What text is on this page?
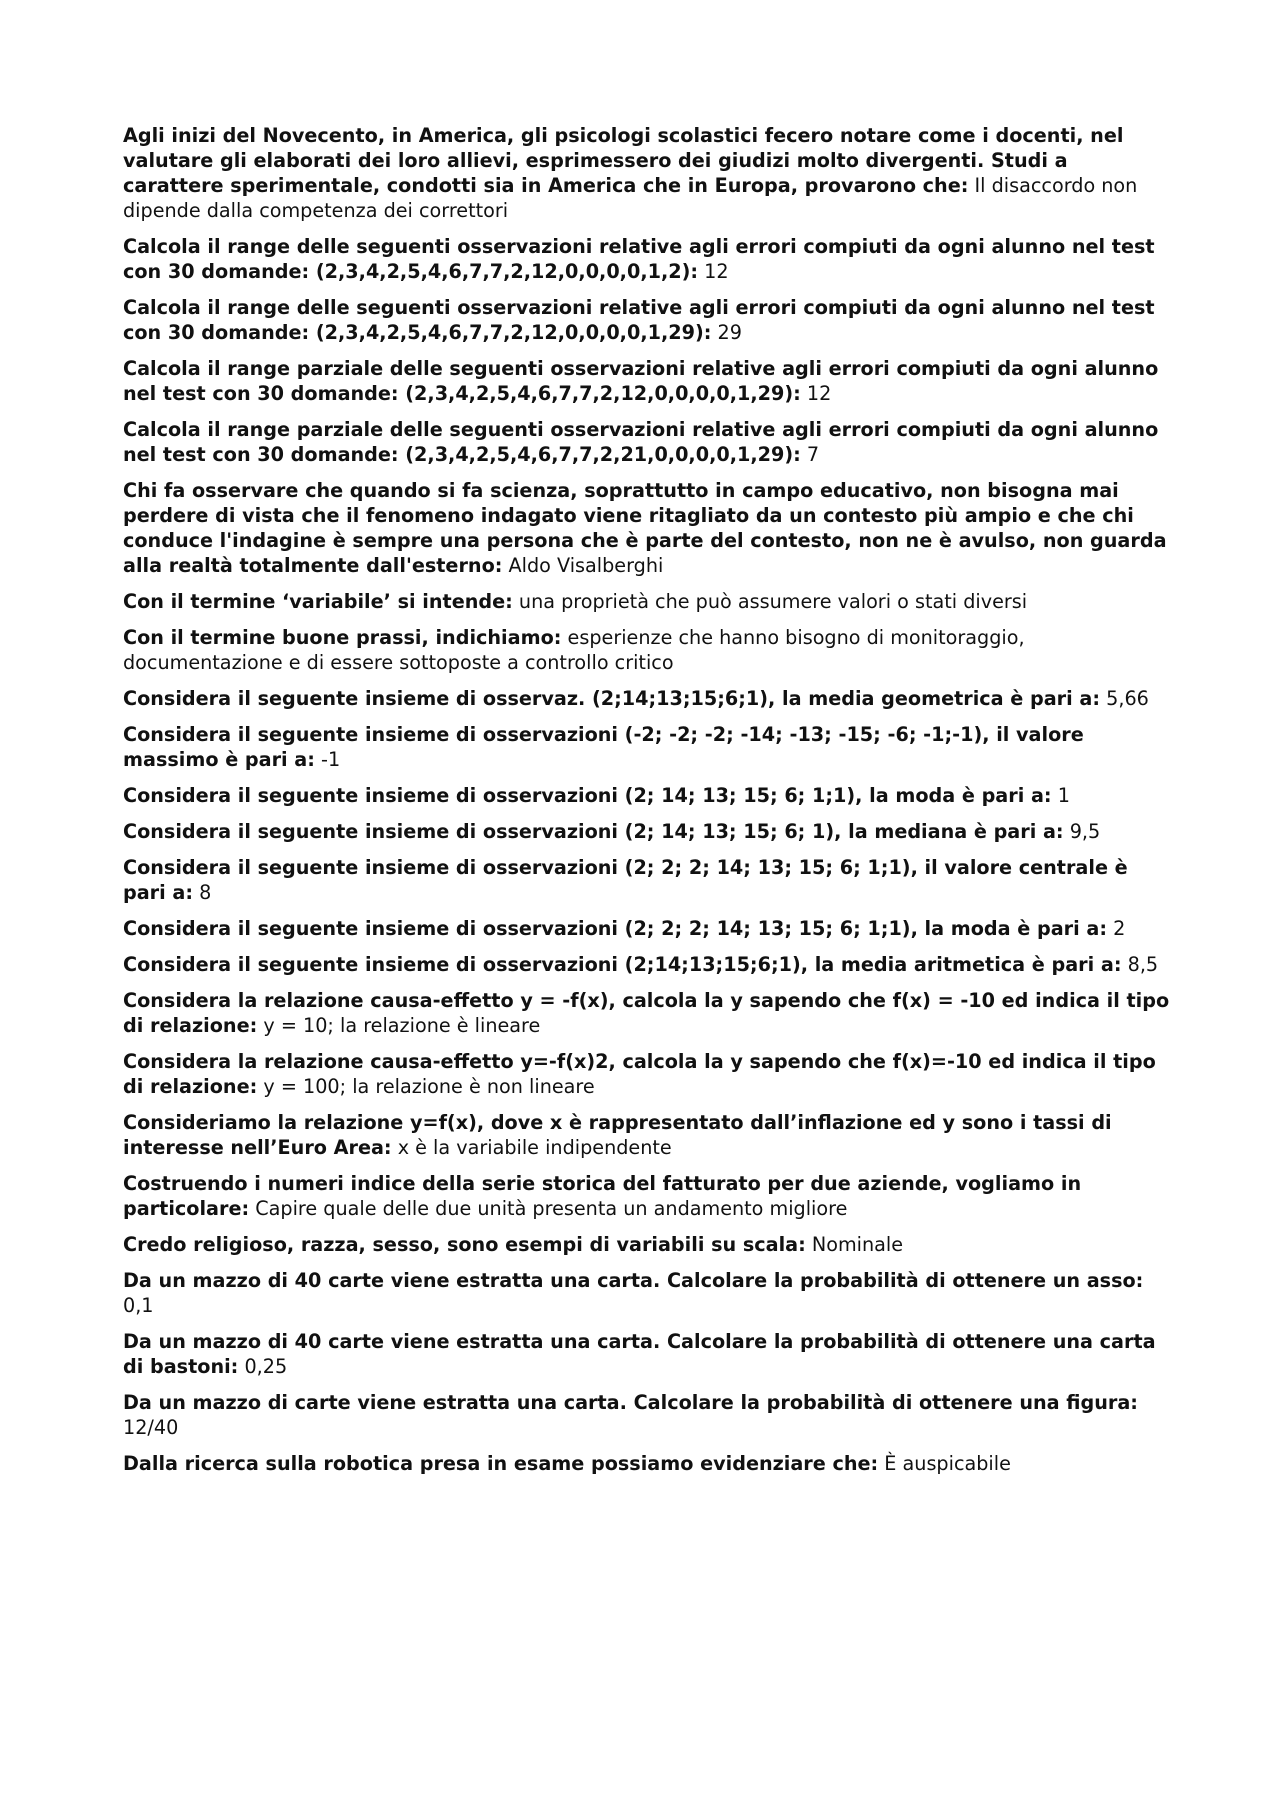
Agli inizi del Novecento, in America, gli psicologi scolastici fecero notare come i docenti, nel valutare gli elaborati dei loro allievi, esprimessero dei giudizi molto divergenti. Studi a carattere sperimentale, condotti sia in America che in Europa, provarono che: Il disaccordo non dipende dalla competenza dei correttori

Calcola il range delle seguenti osservazioni relative agli errori compiuti da ogni alunno nel test con 30 domande: (2,3,4,2,5,4,6,7,7,2,12,0,0,0,0,1,2): 12

Calcola il range delle seguenti osservazioni relative agli errori compiuti da ogni alunno nel test con 30 domande: (2,3,4,2,5,4,6,7,7,2,12,0,0,0,0,1,29): 29

Calcola il range parziale delle seguenti osservazioni relative agli errori compiuti da ogni alunno nel test con 30 domande: (2,3,4,2,5,4,6,7,7,2,12,0,0,0,0,1,29): 12

Calcola il range parziale delle seguenti osservazioni relative agli errori compiuti da ogni alunno nel test con 30 domande: (2,3,4,2,5,4,6,7,7,2,21,0,0,0,0,1,29): 7

Chi fa osservare che quando si fa scienza, soprattutto in campo educativo, non bisogna mai perdere di vista che il fenomeno indagato viene ritagliato da un contesto più ampio e che chi conduce l'indagine è sempre una persona che è parte del contesto, non ne è avulso, non guarda alla realtà totalmente dall'esterno: Aldo Visalberghi

Con il termine ‘variabile’ si intende: una proprietà che può assumere valori o stati diversi

Con il termine buone prassi, indichiamo: esperienze che hanno bisogno di monitoraggio, documentazione e di essere sottoposte a controllo critico

Considera il seguente insieme di osservaz. (2;14;13;15;6;1), la media geometrica è pari a: 5,66

Considera il seguente insieme di osservazioni (-2; -2; -2; -14; -13; -15; -6; -1;-1), il valore massimo è pari a: -1

Considera il seguente insieme di osservazioni (2; 14; 13; 15; 6; 1;1), la moda è pari a: 1

Considera il seguente insieme di osservazioni (2; 14; 13; 15; 6; 1), la mediana è pari a: 9,5

Considera il seguente insieme di osservazioni (2; 2; 2; 14; 13; 15; 6; 1;1), il valore centrale è pari a: 8

Considera il seguente insieme di osservazioni (2; 2; 2; 14; 13; 15; 6; 1;1), la moda è pari a: 2

Considera il seguente insieme di osservazioni (2;14;13;15;6;1), la media aritmetica è pari a: 8,5

Considera la relazione causa-effetto y = -f(x), calcola la y sapendo che f(x) = -10 ed indica il tipo di relazione: y = 10; la relazione è lineare

Considera la relazione causa-effetto y=-f(x)2, calcola la y sapendo che f(x)=-10 ed indica il tipo di relazione: y = 100; la relazione è non lineare

Consideriamo la relazione y=f(x), dove x è rappresentato dall’inflazione ed y sono i tassi di interesse nell’Euro Area: x è la variabile indipendente

Costruendo i numeri indice della serie storica del fatturato per due aziende, vogliamo in particolare: Capire quale delle due unità presenta un andamento migliore

Credo religioso, razza, sesso, sono esempi di variabili su scala: Nominale

Da un mazzo di 40 carte viene estratta una carta. Calcolare la probabilità di ottenere un asso: 0,1

Da un mazzo di 40 carte viene estratta una carta. Calcolare la probabilità di ottenere una carta di bastoni: 0,25

Da un mazzo di carte viene estratta una carta. Calcolare la probabilità di ottenere una figura: 12/40

Dalla ricerca sulla robotica presa in esame possiamo evidenziare che: È auspicabile
